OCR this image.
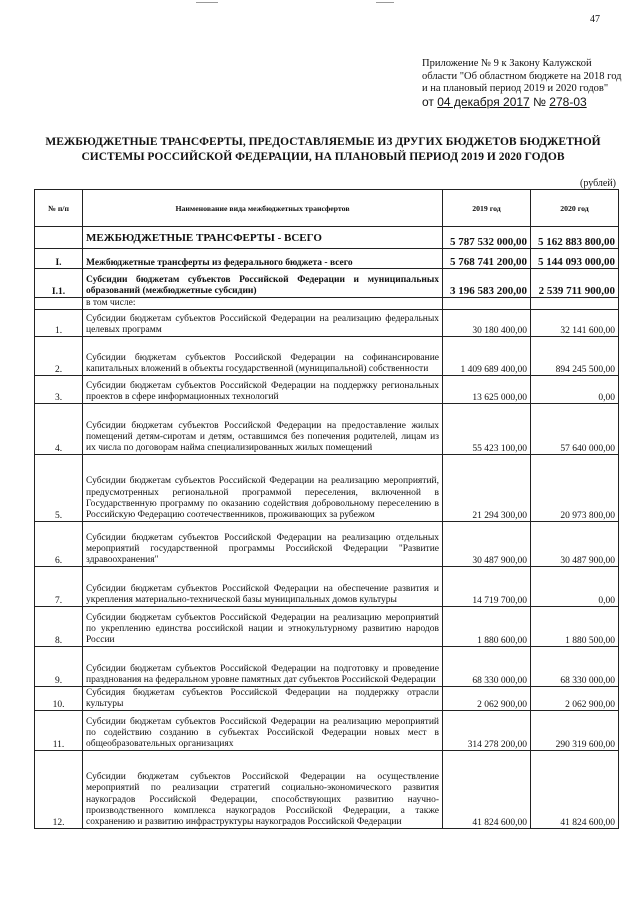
47
Приложение № 9 к Закону Калужской
области "Об областном бюджете на 2018 год
и на плановый период 2019 и 2020 годов"
от 04 декабря 2017 № 278-03
МЕЖБЮДЖЕТНЫЕ ТРАНСФЕРТЫ, ПРЕДОСТАВЛЯЕМЫЕ ИЗ ДРУГИХ БЮДЖЕТОВ БЮДЖЕТНОЙ
СИСТЕМЫ РОССИЙСКОЙ ФЕДЕРАЦИИ, НА ПЛАНОВЫЙ ПЕРИОД 2019 И 2020 ГОДОВ
(рублей)
№ п/п	Наименование вида межбюджетных трансфертов	2019 год	2020 год
	МЕЖБЮДЖЕТНЫЕ ТРАНСФЕРТЫ - ВСЕГО	5 787 532 000,00	5 162 883 800,00
I.	Межбюджетные трансферты из федерального бюджета - всего	5 768 741 200,00	5 144 093 000,00
I.1.	Субсидии бюджетам субъектов Российской Федерации и муниципальных образований (межбюджетные субсидии)	3 196 583 200,00	2 539 711 900,00
	в том числе:		
1.	Субсидии бюджетам субъектов Российской Федерации на реализацию федеральных целевых программ	30 180 400,00	32 141 600,00
2.	Субсидии бюджетам субъектов Российской Федерации на софинансирование капитальных вложений в объекты государственной (муниципальной) собственности	1 409 689 400,00	894 245 500,00
3.	Субсидии бюджетам субъектов Российской Федерации на поддержку региональных проектов в сфере информационных технологий	13 625 000,00	0,00
4.	Субсидии бюджетам субъектов Российской Федерации на предоставление жилых помещений детям-сиротам и детям, оставшимся без попечения родителей, лицам из их числа по договорам найма специализированных жилых помещений	55 423 100,00	57 640 000,00
5.	Субсидии бюджетам субъектов Российской Федерации на реализацию мероприятий, предусмотренных региональной программой переселения, включенной в Государственную программу по оказанию содействия добровольному переселению в Российскую Федерацию соотечественников, проживающих за рубежом	21 294 300,00	20 973 800,00
6.	Субсидии бюджетам субъектов Российской Федерации на реализацию отдельных мероприятий государственной программы Российской Федерации "Развитие здравоохранения"	30 487 900,00	30 487 900,00
7.	Субсидии бюджетам субъектов Российской Федерации на обеспечение развития и укрепления материально-технической базы муниципальных домов культуры	14 719 700,00	0,00
8.	Субсидии бюджетам субъектов Российской Федерации на реализацию мероприятий по укреплению единства российской нации и этнокультурному развитию народов России	1 880 600,00	1 880 500,00
9.	Субсидии бюджетам субъектов Российской Федерации на подготовку и проведение празднования на федеральном уровне памятных дат субъектов Российской Федерации	68 330 000,00	68 330 000,00
10.	Субсидия бюджетам субъектов Российской Федерации на поддержку отрасли культуры	2 062 900,00	2 062 900,00
11.	Субсидии бюджетам субъектов Российской Федерации на реализацию мероприятий по содействию созданию в субъектах Российской Федерации новых мест в общеобразовательных организациях	314 278 200,00	290 319 600,00
12.	Субсидии бюджетам субъектов Российской Федерации на осуществление мероприятий по реализации стратегий социально-экономического развития наукоградов Российской Федерации, способствующих развитию научно-производственного комплекса наукоградов Российской Федерации, а также сохранению и развитию инфраструктуры наукоградов Российской Федерации	41 824 600,00	41 824 600,00
